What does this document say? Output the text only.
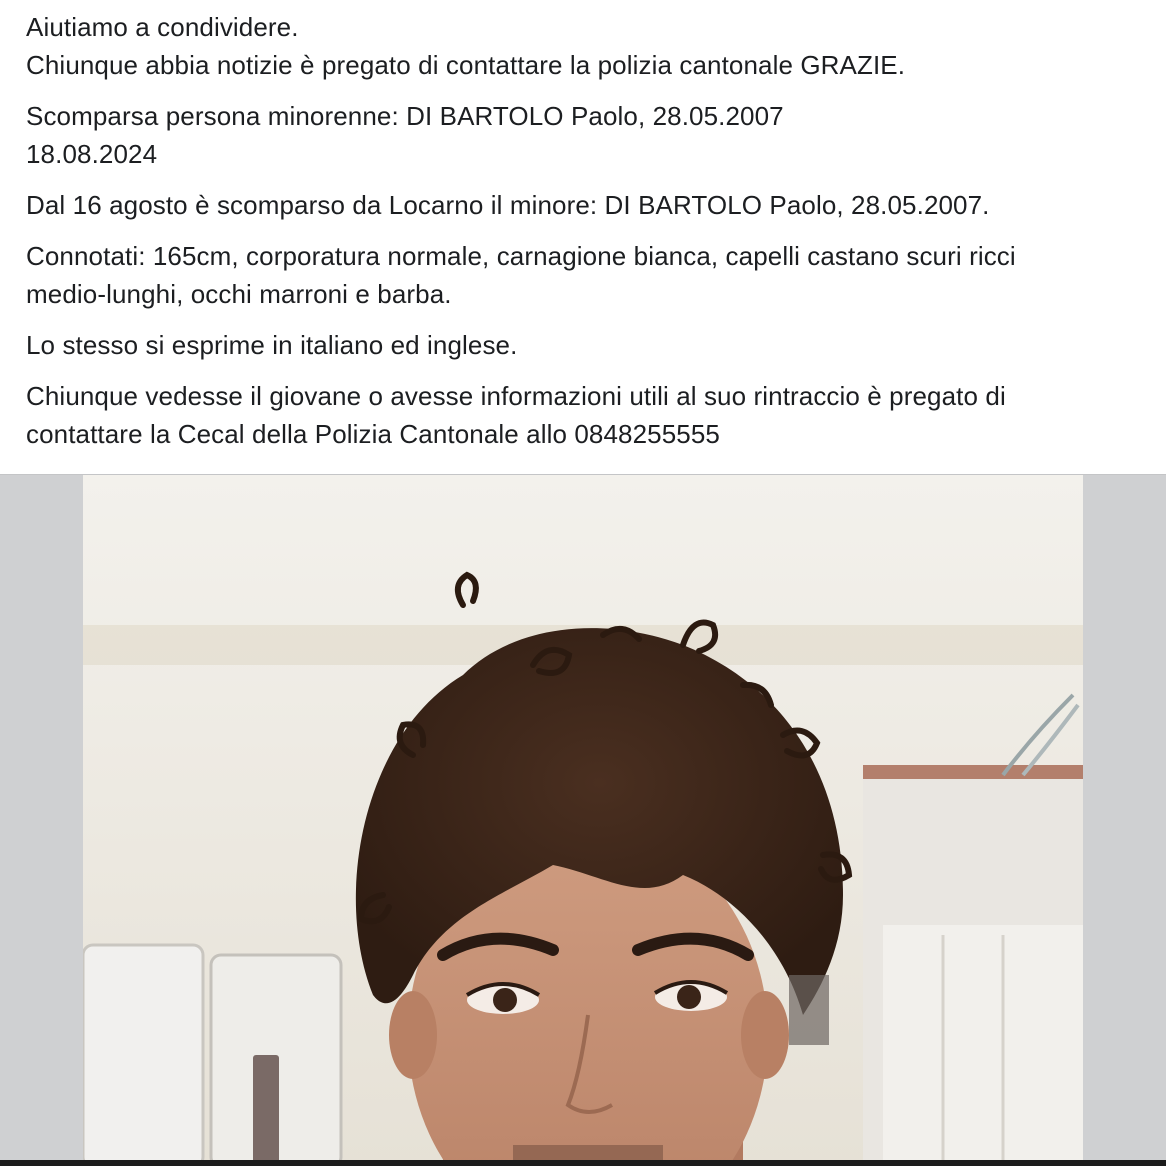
Aiutiamo a condividere.
Chiunque abbia notizie è pregato di contattare la polizia cantonale GRAZIE.

Scomparsa persona minorenne: DI BARTOLO Paolo, 28.05.2007
18.08.2024

Dal 16 agosto è scomparso da Locarno il minore: DI BARTOLO Paolo, 28.05.2007.

Connotati: 165cm, corporatura normale, carnagione bianca, capelli castano scuri ricci
medio-lunghi, occhi marroni e barba.

Lo stesso si esprime in italiano ed inglese.

Chiunque vedesse il giovane o avesse informazioni utili al suo rintraccio è pregato di
contattare la Cecal della Polizia Cantonale allo 0848255555
